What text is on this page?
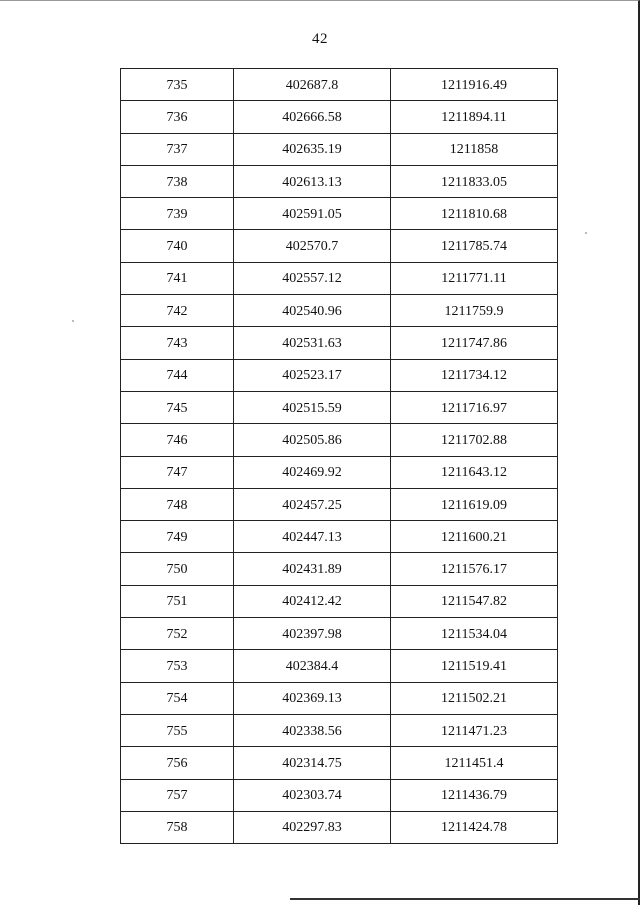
42
735	402687.8	1211916.49
736	402666.58	1211894.11
737	402635.19	1211858
738	402613.13	1211833.05
739	402591.05	1211810.68
740	402570.7	1211785.74
741	402557.12	1211771.11
742	402540.96	1211759.9
743	402531.63	1211747.86
744	402523.17	1211734.12
745	402515.59	1211716.97
746	402505.86	1211702.88
747	402469.92	1211643.12
748	402457.25	1211619.09
749	402447.13	1211600.21
750	402431.89	1211576.17
751	402412.42	1211547.82
752	402397.98	1211534.04
753	402384.4	1211519.41
754	402369.13	1211502.21
755	402338.56	1211471.23
756	402314.75	1211451.4
757	402303.74	1211436.79
758	402297.83	1211424.78
